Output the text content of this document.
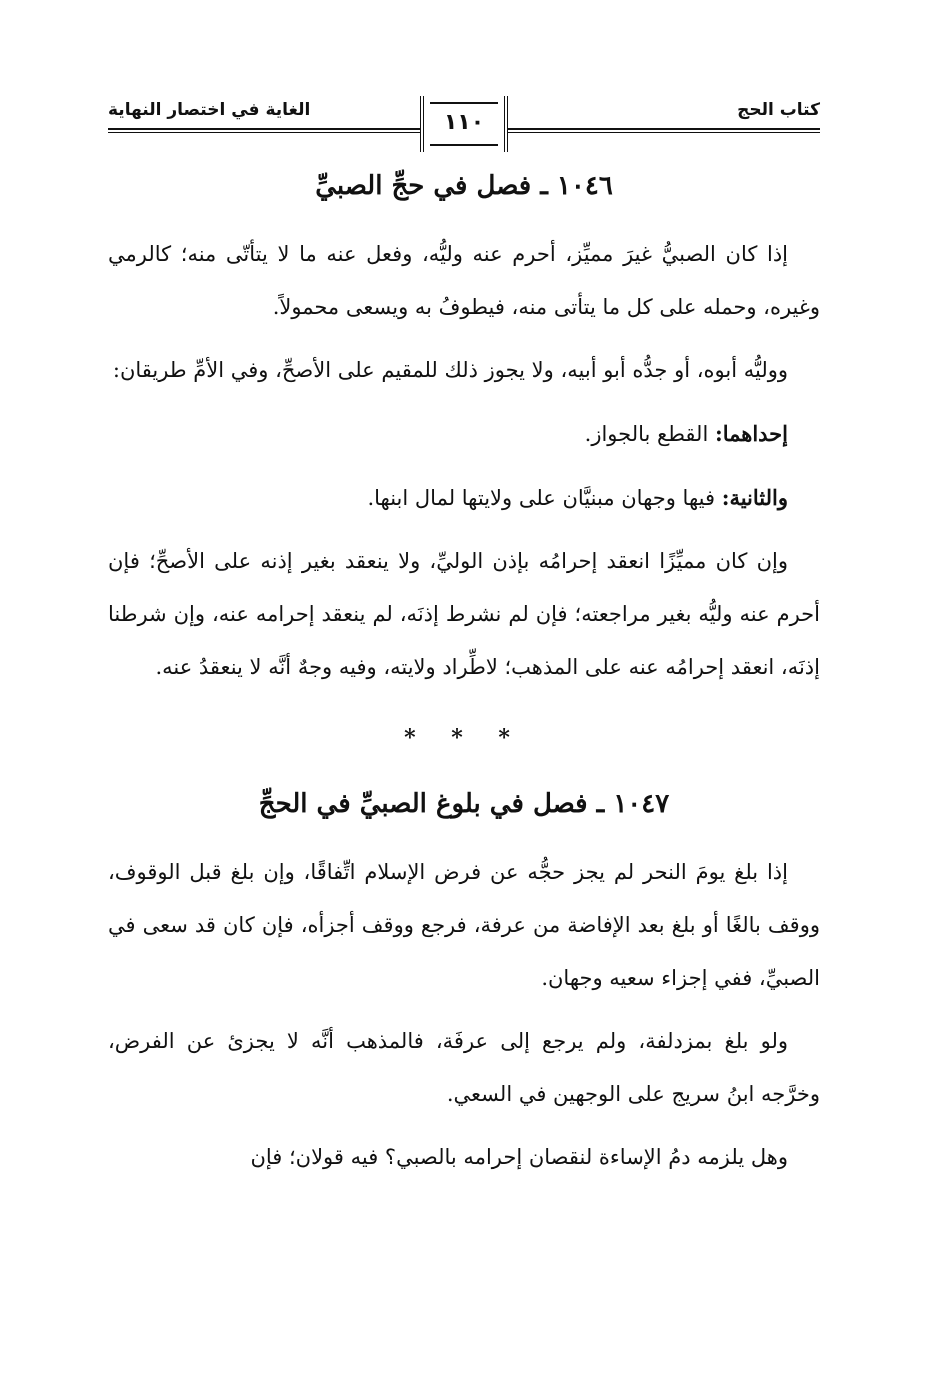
كتاب الحج
الغاية في اختصار النهاية	١١٠
١٠٤٦ ـ فصل في حجِّ الصبيِّ

إذا كان الصبيُّ غيرَ مميِّز، أحرم عنه وليُّه، وفعل عنه ما لا يتأتّى منه؛ كالرمي وغيره، وحمله على كل ما يتأتى منه، فيطوفُ به ويسعى محمولاً.

ووليُّه أبوه، أو جدُّه أبو أبيه، ولا يجوز ذلك للمقيم على الأصحِّ، وفي الأمِّ طريقان:

إحداهما: القطع بالجواز.

والثانية: فيها وجهان مبنيَّان على ولايتها لمال ابنها.

وإن كان مميِّزًا انعقد إحرامُه بإذن الوليِّ، ولا ينعقد بغير إذنه على الأصحِّ؛ فإن أحرم عنه وليُّه بغير مراجعته؛ فإن لم نشرط إذنَه، لم ينعقد إحرامه عنه، وإن شرطنا إذنَه، انعقد إحرامُه عنه على المذهب؛ لاطِّراد ولايته، وفيه وجهٌ أنَّه لا ينعقدُ عنه.

* * *
١٠٤٧ ـ فصل في بلوغ الصبيِّ في الحجِّ

إذا بلغ يومَ النحر لم يجز حجُّه عن فرض الإسلام اتِّفاقًا، وإن بلغ قبل الوقوف، ووقف بالغًا أو بلغ بعد الإفاضة من عرفة، فرجع ووقف أجزأه، فإن كان قد سعى في الصبيِّ، ففي إجزاء سعيه وجهان.

ولو بلغ بمزدلفة، ولم يرجع إلى عرفَة، فالمذهب أنَّه لا يجزئ عن الفرض، وخرَّجه ابنُ سريج على الوجهين في السعي.

وهل يلزمه دمُ الإساءة لنقصان إحرامه بالصبي؟ فيه قولان؛ فإن
